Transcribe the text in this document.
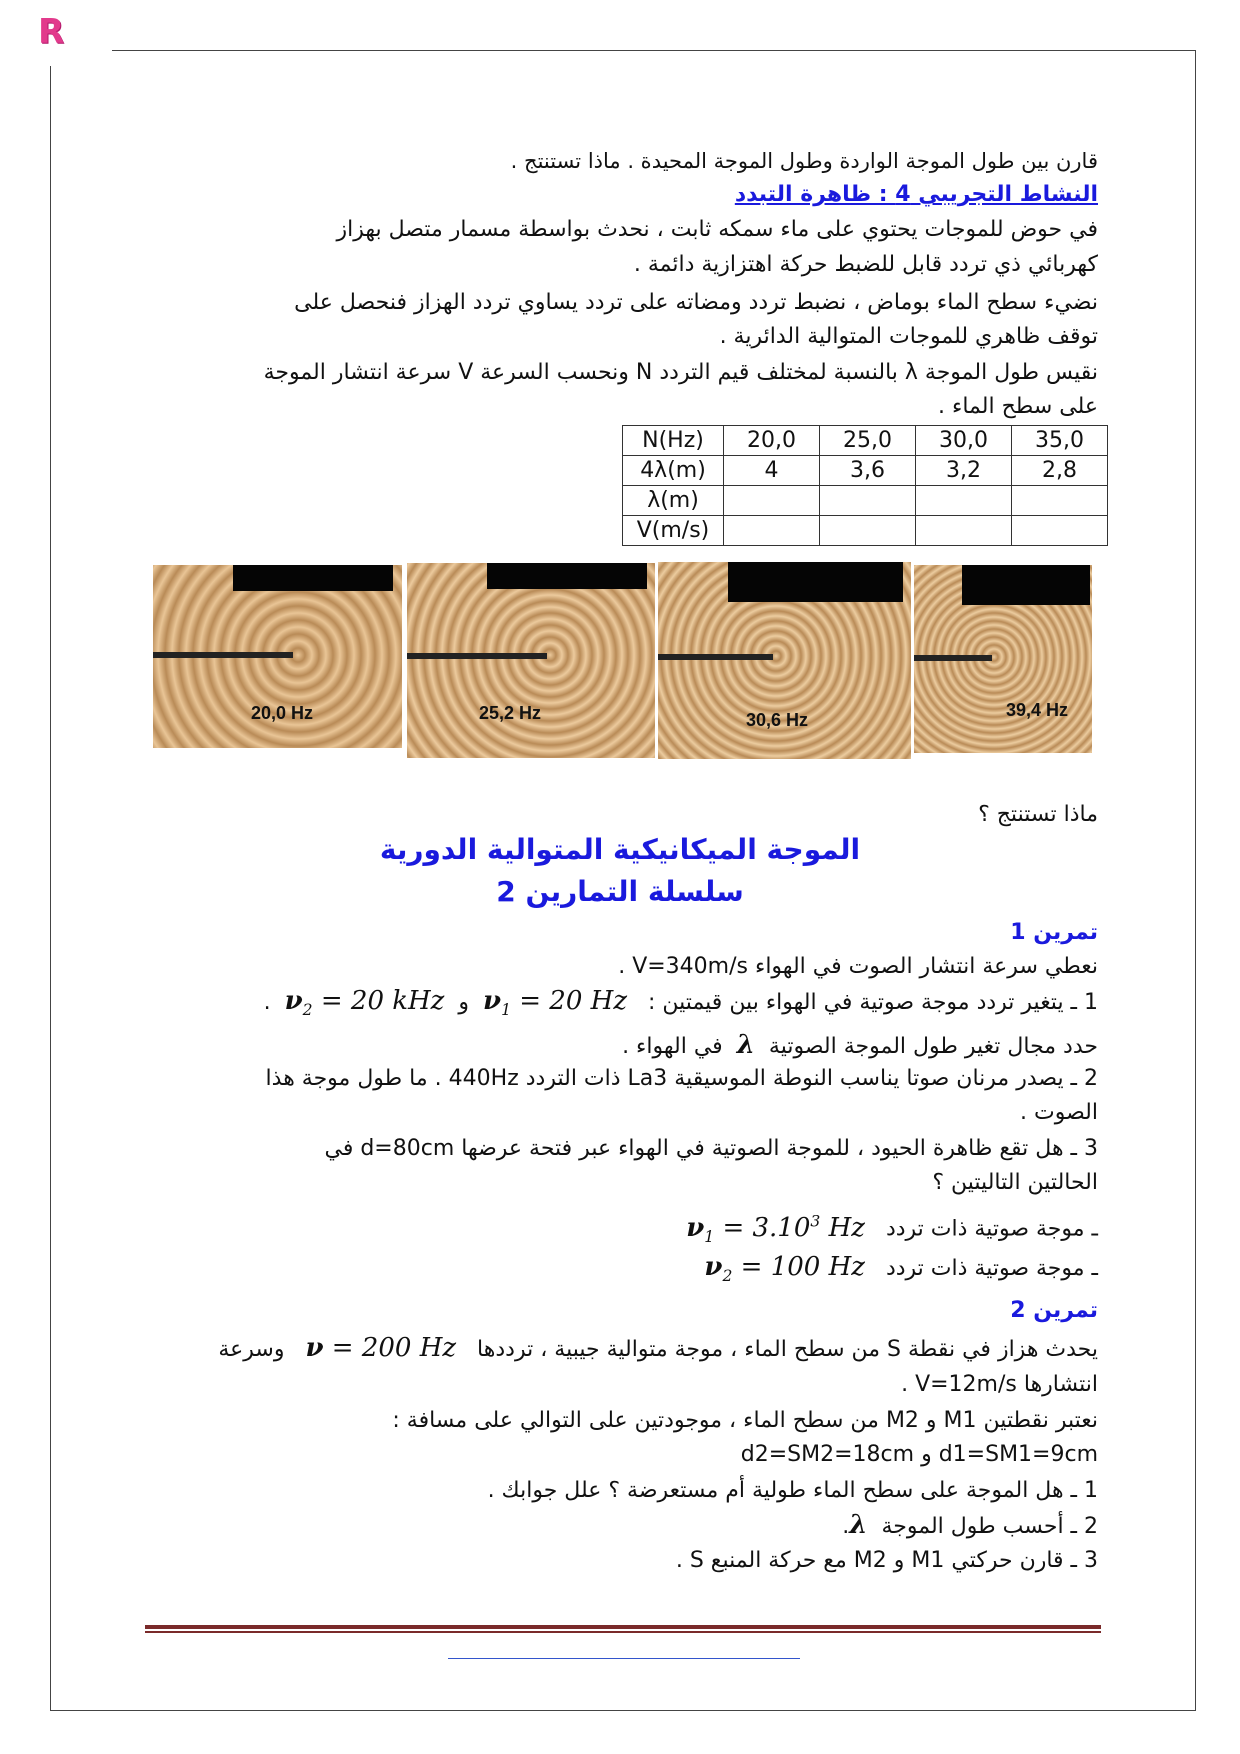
R
قارن بين طول الموجة الواردة وطول الموجة المحيدة . ماذا تستنتج .
النشاط التجريبي 4 : ظاهرة التبدد
في حوض للموجات يحتوي على ماء سمكه ثابت ، نحدث بواسطة مسمار متصل بهزاز
كهربائي ذي تردد قابل للضبط حركة اهتزازية دائمة .
نضيء سطح الماء بوماض ، نضبط تردد ومضاته على تردد يساوي تردد الهزاز فنحصل على
توقف ظاهري للموجات المتوالية الدائرية .
نقيس طول الموجة λ بالنسبة لمختلف قيم التردد N ونحسب السرعة V سرعة انتشار الموجة
على سطح الماء .
N(Hz)	20,0	25,0	30,0	35,0
4λ(m)	4	3,6	3,2	2,8
λ(m)				
V(m/s)				
20,0 Hz	25,2 Hz	30,6 Hz	39,4 Hz
ماذا تستنتج ؟
الموجة الميكانيكية المتوالية الدورية
سلسلة التمارين 2
تمرين 1
نعطي سرعة انتشار الصوت في الهواء V=340m/s .
1 ـ يتغير تردد موجة صوتية في الهواء بين قيمتين :   $\nu_1 = 20$ Hz  و  $\nu_2 = 20$ kHz  .
حدد مجال تغير طول الموجة الصوتية  λ  في الهواء .
2 ـ يصدر مرنان صوتا يناسب النوطة الموسيقية La3 ذات التردد 440Hz . ما طول موجة هذا
الصوت .
3 ـ هل تقع ظاهرة الحيود ، للموجة الصوتية في الهواء عبر فتحة عرضها d=80cm في
الحالتين التاليتين ؟
ـ موجة صوتية ذات تردد   $\nu_1 = 3.10^3$ Hz
ـ موجة صوتية ذات تردد   $\nu_2 = 100$ Hz
تمرين 2
يحدث هزاز في نقطة S من سطح الماء ، موجة متوالية جيبية ، ترددها   ν = 200 Hz   وسرعة
انتشارها V=12m/s .
نعتبر نقطتين M1 و M2 من سطح الماء ، موجودتين على التوالي على مسافة :
d1=SM1=9cm و d2=SM2=18cm
1 ـ هل الموجة على سطح الماء طولية أم مستعرضة ؟ علل جوابك .
2 ـ أحسب طول الموجة  λ.
3 ـ قارن حركتي M1 و M2 مع حركة المنبع S .
